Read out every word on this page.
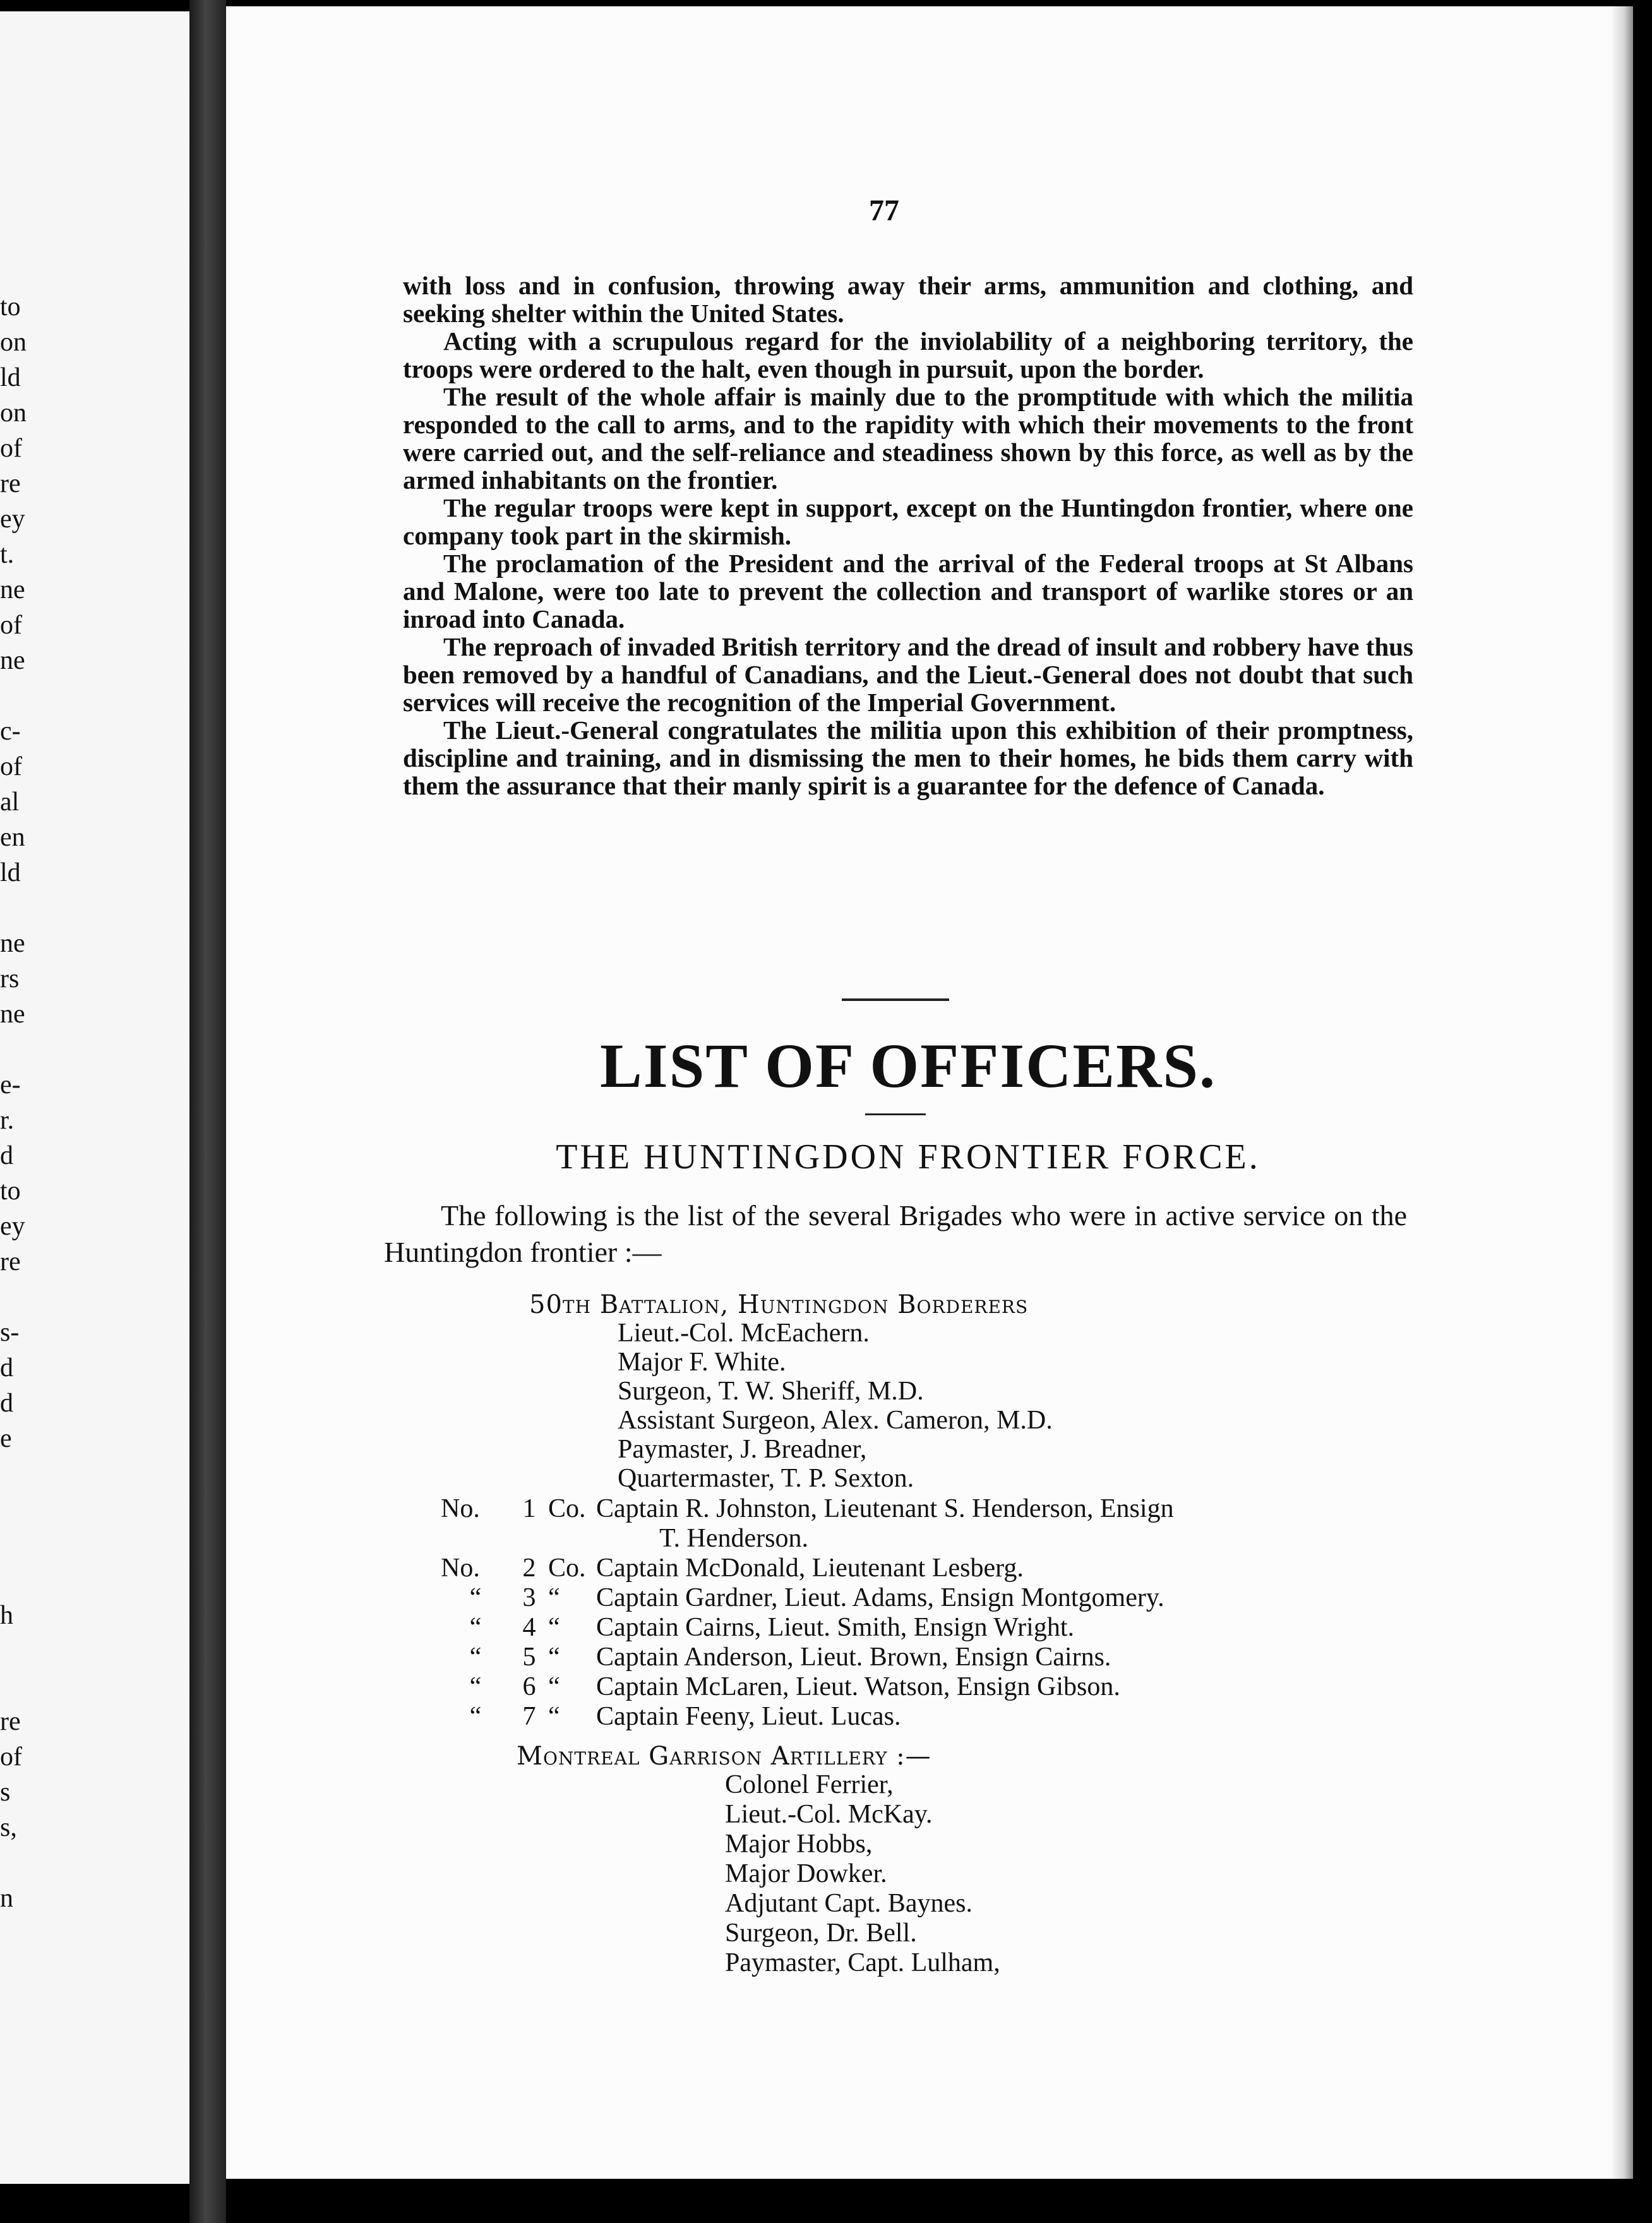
to
on
ld
on
of
re
ey
t.
ne
of
ne
c-
of
al
en
ld
ne
rs
ne
e-
r.
d
to
ey
re
s-
d
d
e
h
re
of
s
s,
n
77

with loss and in confusion, throwing away their arms, ammunition and clothing, and seeking shelter within the United States.

Acting with a scrupulous regard for the inviolability of a neighboring territory, the troops were ordered to the halt, even though in pursuit, upon the border.

The result of the whole affair is mainly due to the promptitude with which the militia responded to the call to arms, and to the rapidity with which their movements to the front were carried out, and the self-reliance and steadiness shown by this force, as well as by the armed inhabitants on the frontier.

The regular troops were kept in support, except on the Huntingdon frontier, where one company took part in the skirmish.

The proclamation of the President and the arrival of the Federal troops at St Albans and Malone, were too late to prevent the collection and transport of warlike stores or an inroad into Canada.

The reproach of invaded British territory and the dread of insult and robbery have thus been removed by a handful of Canadians, and the Lieut.-General does not doubt that such services will receive the recognition of the Imperial Government.

The Lieut.-General congratulates the militia upon this exhibition of their promptness, discipline and training, and in dismissing the men to their homes, he bids them carry with them the assurance that their manly spirit is a guarantee for the defence of Canada.

LIST OF OFFICERS.
THE HUNTINGDON FRONTIER FORCE.

The following is the list of the several Brigades who were in active service on the Huntingdon frontier :—

50th Battalion, Huntingdon Borderers
Lieut.-Col. McEachern.
Major F. White.
Surgeon, T. W. Sheriff, M.D.
Assistant Surgeon, Alex. Cameron, M.D.
Paymaster, J. Breadner,
Quartermaster, T. P. Sexton.
No.	1 Co. Captain R. Johnston, Lieutenant S. Henderson, Ensign
T. Henderson.
No.	2 Co. Captain McDonald, Lieutenant Lesberg.
“	3 “	Captain Gardner, Lieut. Adams, Ensign Montgomery.
“	4 “	Captain Cairns, Lieut. Smith, Ensign Wright.
“	5 “	Captain Anderson, Lieut. Brown, Ensign Cairns.
“	6 “	Captain McLaren, Lieut. Watson, Ensign Gibson.
“	7 “	Captain Feeny, Lieut. Lucas.
Montreal Garrison Artillery :—
Colonel Ferrier,
Lieut.-Col. McKay.
Major Hobbs,
Major Dowker.
Adjutant Capt. Baynes.
Surgeon, Dr. Bell.
Paymaster, Capt. Lulham,
